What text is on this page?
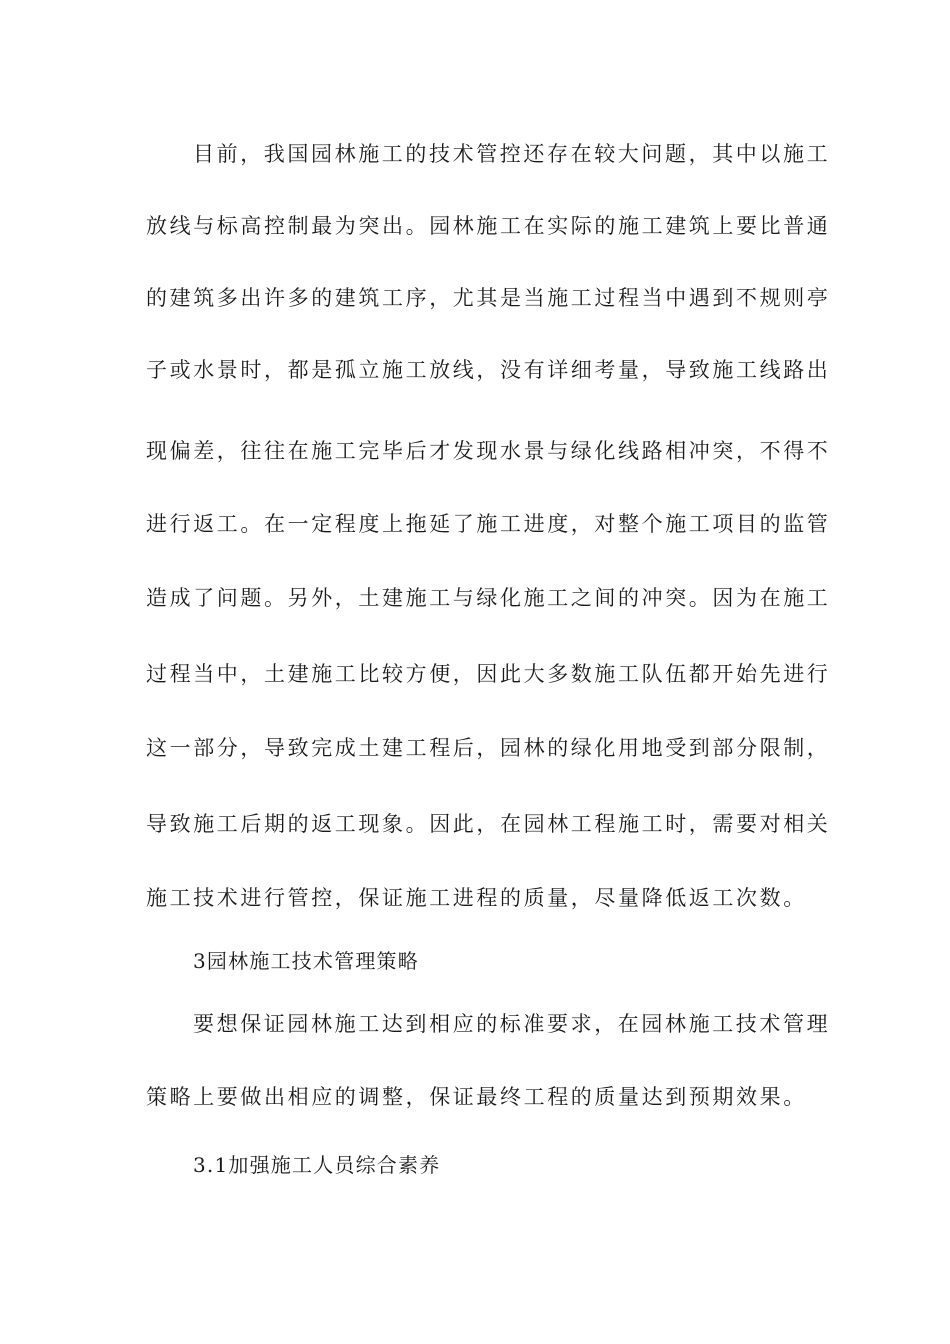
目前，我国园林施工的技术管控还存在较大问题，其中以施工
放线与标高控制最为突出。园林施工在实际的施工建筑上要比普通
的建筑多出许多的建筑工序，尤其是当施工过程当中遇到不规则亭
子或水景时，都是孤立施工放线，没有详细考量，导致施工线路出
现偏差，往往在施工完毕后才发现水景与绿化线路相冲突，不得不
进行返工。在一定程度上拖延了施工进度，对整个施工项目的监管
造成了问题。另外，土建施工与绿化施工之间的冲突。因为在施工
过程当中，土建施工比较方便，因此大多数施工队伍都开始先进行
这一部分，导致完成土建工程后，园林的绿化用地受到部分限制，
导致施工后期的返工现象。因此，在园林工程施工时，需要对相关
施工技术进行管控，保证施工进程的质量，尽量降低返工次数。
3园林施工技术管理策略
要想保证园林施工达到相应的标准要求，在园林施工技术管理
策略上要做出相应的调整，保证最终工程的质量达到预期效果。
3.1加强施工人员综合素养
